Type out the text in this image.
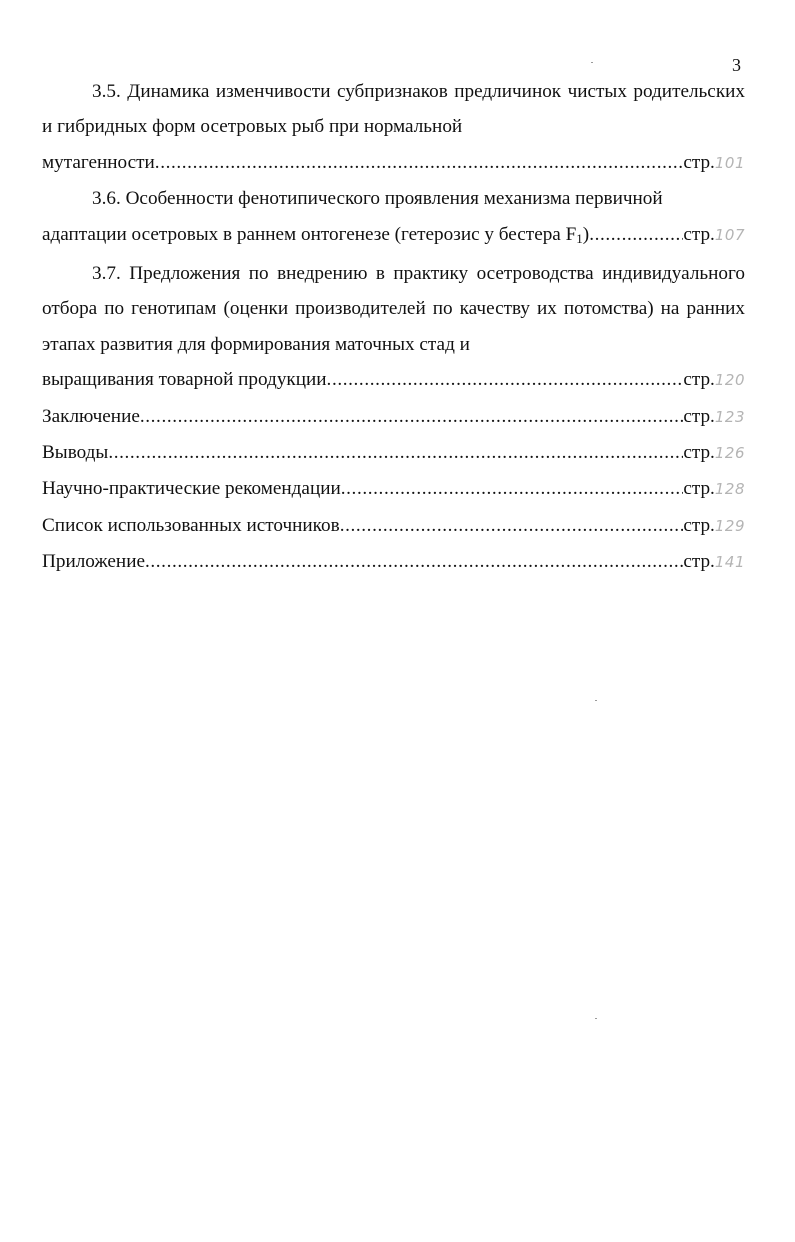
3
3.5. Динамика изменчивости субпризнаков предличинок чистых родительских и гибридных форм осетровых рыб при нормальной
мутагенности .....	стр.101
3.6.
Особенности фенотипического проявления механизма первичной
адаптации осетровых в раннем онтогенезе (гетерозис у бестера $F_1$) .....	стр.107
3.7. Предложения по внедрению в практику осетроводства индивидуального отбора по генотипам (оценки производителей по качеству их потомства) на ранних этапах развития для формирования маточных стад и
выращивания товарной продукции .....	стр.120
Заключение .....	стр.123
Выводы .....	стр.126
Научно-практические рекомендации .....	стр.128
Список использованных источников .....	стр.129
Приложение .....	стр.141
